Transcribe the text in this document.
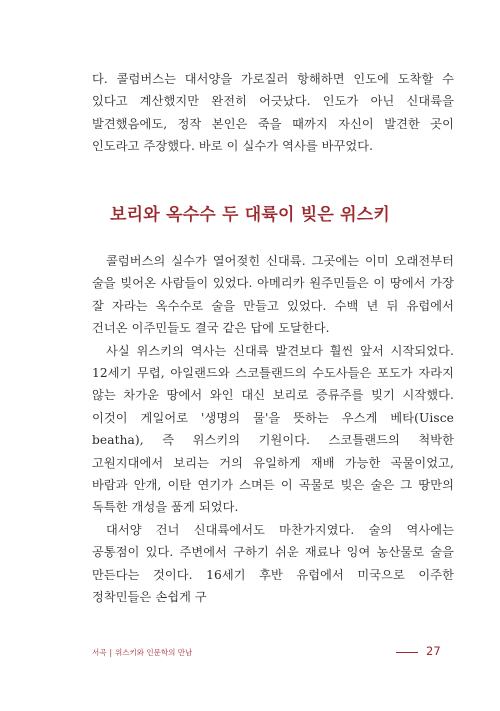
다. 콜럼버스는 대서양을 가로질러 항해하면 인도에 도착할 수 있다고 계산했지만 완전히 어긋났다. 인도가 아닌 신대륙을 발견했음에도, 정작 본인은 죽을 때까지 자신이 발견한 곳이 인도라고 주장했다. 바로 이 실수가 역사를 바꾸었다.

보리와 옥수수 두 대륙이 빚은 위스키

콜럼버스의 실수가 열어젖힌 신대륙. 그곳에는 이미 오래전부터 술을 빚어온 사람들이 있었다. 아메리카 원주민들은 이 땅에서 가장 잘 자라는 옥수수로 술을 만들고 있었다. 수백 년 뒤 유럽에서 건너온 이주민들도 결국 같은 답에 도달한다.

사실 위스키의 역사는 신대륙 발견보다 훨씬 앞서 시작되었다. 12세기 무렵, 아일랜드와 스코틀랜드의 수도사들은 포도가 자라지 않는 차가운 땅에서 와인 대신 보리로 증류주를 빚기 시작했다. 이것이 게일어로 '생명의 물'을 뜻하는 우스게 베타(Uisce beatha), 즉 위스키의 기원이다. 스코틀랜드의 척박한 고원지대에서 보리는 거의 유일하게 재배 가능한 곡물이었고, 바람과 안개, 이탄 연기가 스며든 이 곡물로 빚은 술은 그 땅만의 독특한 개성을 품게 되었다.

대서양 건너 신대륙에서도 마찬가지였다. 술의 역사에는 공통점이 있다. 주변에서 구하기 쉬운 재료나 잉여 농산물로 술을 만든다는 것이다. 16세기 후반 유럽에서 미국으로 이주한 정착민들은 손쉽게 구

서곡 | 위스키와 인문학의 만남	27
